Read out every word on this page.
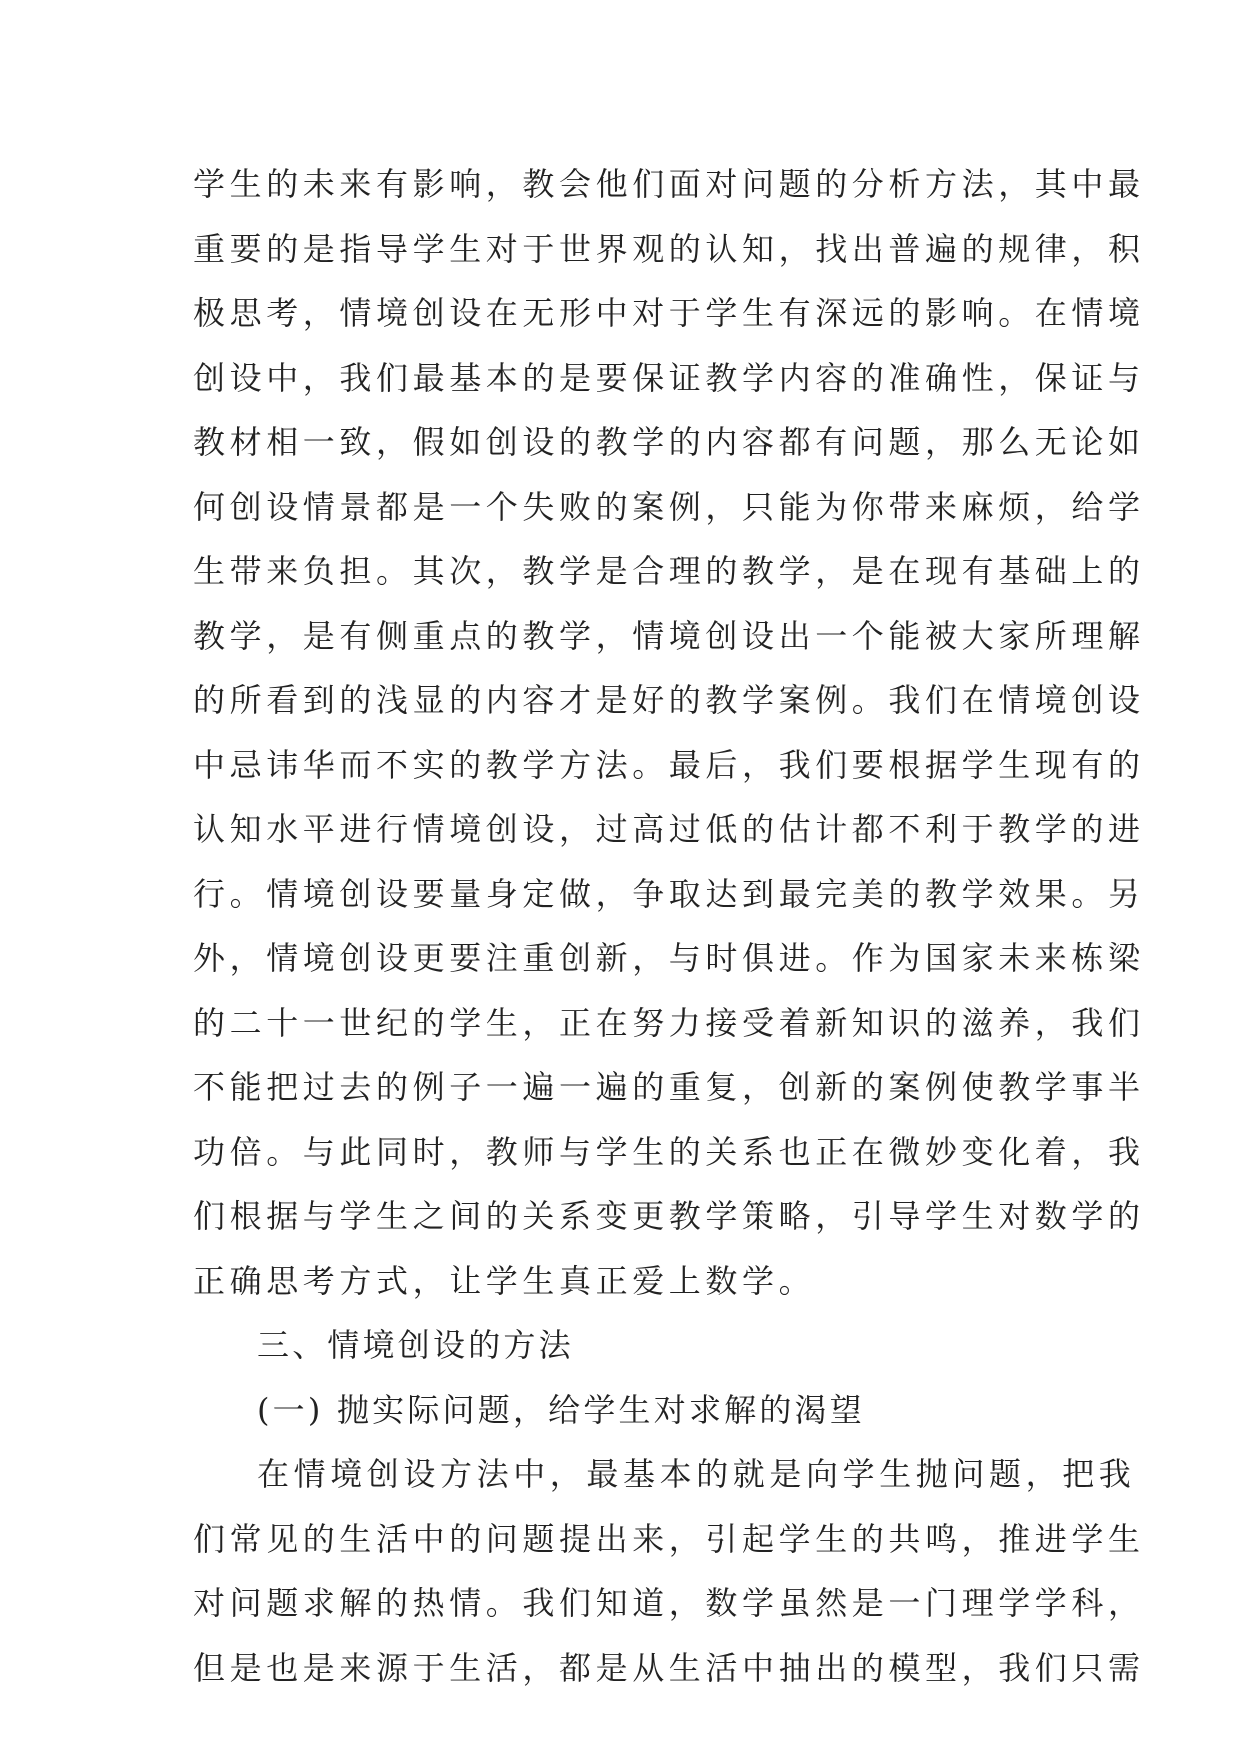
学生的未来有影响，教会他们面对问题的分析方法，其中最
重要的是指导学生对于世界观的认知，找出普遍的规律，积
极思考，情境创设在无形中对于学生有深远的影响。在情境
创设中，我们最基本的是要保证教学内容的准确性，保证与
教材相一致，假如创设的教学的内容都有问题，那么无论如
何创设情景都是一个失败的案例，只能为你带来麻烦，给学
生带来负担。其次，教学是合理的教学，是在现有基础上的
教学，是有侧重点的教学，情境创设出一个能被大家所理解
的所看到的浅显的内容才是好的教学案例。我们在情境创设
中忌讳华而不实的教学方法。最后，我们要根据学生现有的
认知水平进行情境创设，过高过低的估计都不利于教学的进
行。情境创设要量身定做，争取达到最完美的教学效果。另
外，情境创设更要注重创新，与时俱进。作为国家未来栋梁
的二十一世纪的学生，正在努力接受着新知识的滋养，我们
不能把过去的例子一遍一遍的重复，创新的案例使教学事半
功倍。与此同时，教师与学生的关系也正在微妙变化着，我
们根据与学生之间的关系变更教学策略，引导学生对数学的
正确思考方式，让学生真正爱上数学。
三、情境创设的方法
(一) 抛实际问题，给学生对求解的渴望
在情境创设方法中，最基本的就是向学生抛问题，把我
们常见的生活中的问题提出来，引起学生的共鸣，推进学生
对问题求解的热情。我们知道，数学虽然是一门理学学科，
但是也是来源于生活，都是从生活中抽出的模型，我们只需
